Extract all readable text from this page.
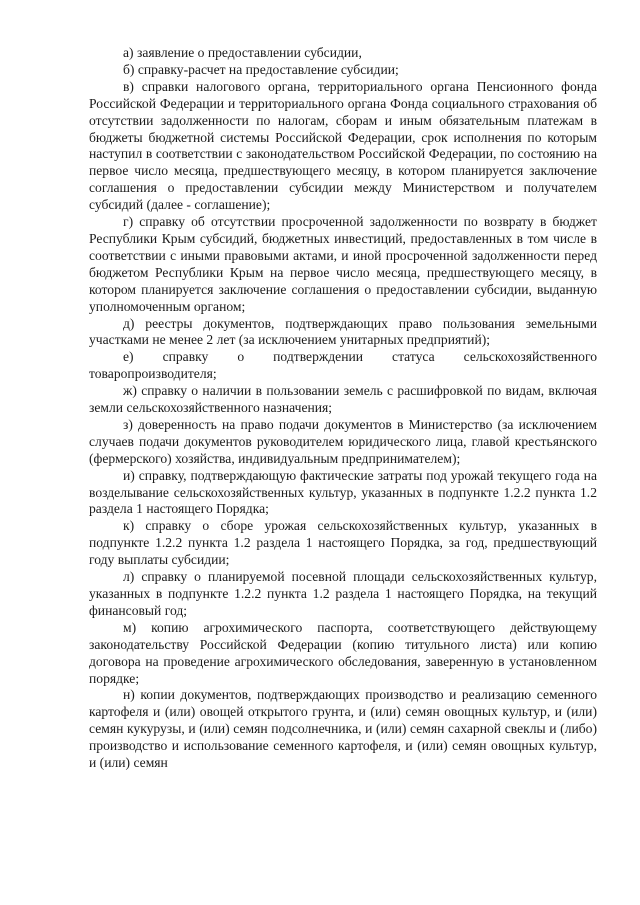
а) заявление о предоставлении субсидии,

б) справку-расчет на предоставление субсидии;

в) справки налогового органа, территориального органа Пенсионного фонда Российской Федерации и территориального органа Фонда социального страхования об отсутствии задолженности по налогам, сборам и иным обязательным платежам в бюджеты бюджетной системы Российской Федерации, срок исполнения по которым наступил в соответствии с законодательством Российской Федерации, по состоянию на первое число месяца, предшествующего месяцу, в котором планируется заключение соглашения о предоставлении субсидии между Министерством и получателем субсидий (далее - соглашение);

г) справку об отсутствии просроченной задолженности по возврату в бюджет Республики Крым субсидий, бюджетных инвестиций, предоставленных в том числе в соответствии с иными правовыми актами, и иной просроченной задолженности перед бюджетом Республики Крым на первое число месяца, предшествующего месяцу, в котором планируется заключение соглашения о предоставлении субсидии, выданную уполномоченным органом;

д) реестры документов, подтверждающих право пользования земельными участками не менее 2 лет (за исключением унитарных предприятий);

е) справку о подтверждении статуса сельскохозяйственного товаропроизводителя;

ж) справку о наличии в пользовании земель с расшифровкой по видам, включая земли сельскохозяйственного назначения;

з) доверенность на право подачи документов в Министерство (за исключением случаев подачи документов руководителем юридического лица, главой крестьянского (фермерского) хозяйства, индивидуальным предпринимателем);

и) справку, подтверждающую фактические затраты под урожай текущего года на возделывание сельскохозяйственных культур, указанных в подпункте 1.2.2 пункта 1.2 раздела 1 настоящего Порядка;

к) справку о сборе урожая сельскохозяйственных культур, указанных в подпункте 1.2.2 пункта 1.2 раздела 1 настоящего Порядка, за год, предшествующий году выплаты субсидии;

л) справку о планируемой посевной площади сельскохозяйственных культур, указанных в подпункте 1.2.2 пункта 1.2 раздела 1 настоящего Порядка, на текущий финансовый год;

м) копию агрохимического паспорта, соответствующего действующему законодательству Российской Федерации (копию титульного листа) или копию договора на проведение агрохимического обследования, заверенную в установленном порядке;

н) копии документов, подтверждающих производство и реализацию семенного картофеля и (или) овощей открытого грунта, и (или) семян овощных культур, и (или) семян кукурузы, и (или) семян подсолнечника, и (или) семян сахарной свеклы и (либо) производство и использование семенного картофеля, и (или) семян овощных культур, и (или) семян
